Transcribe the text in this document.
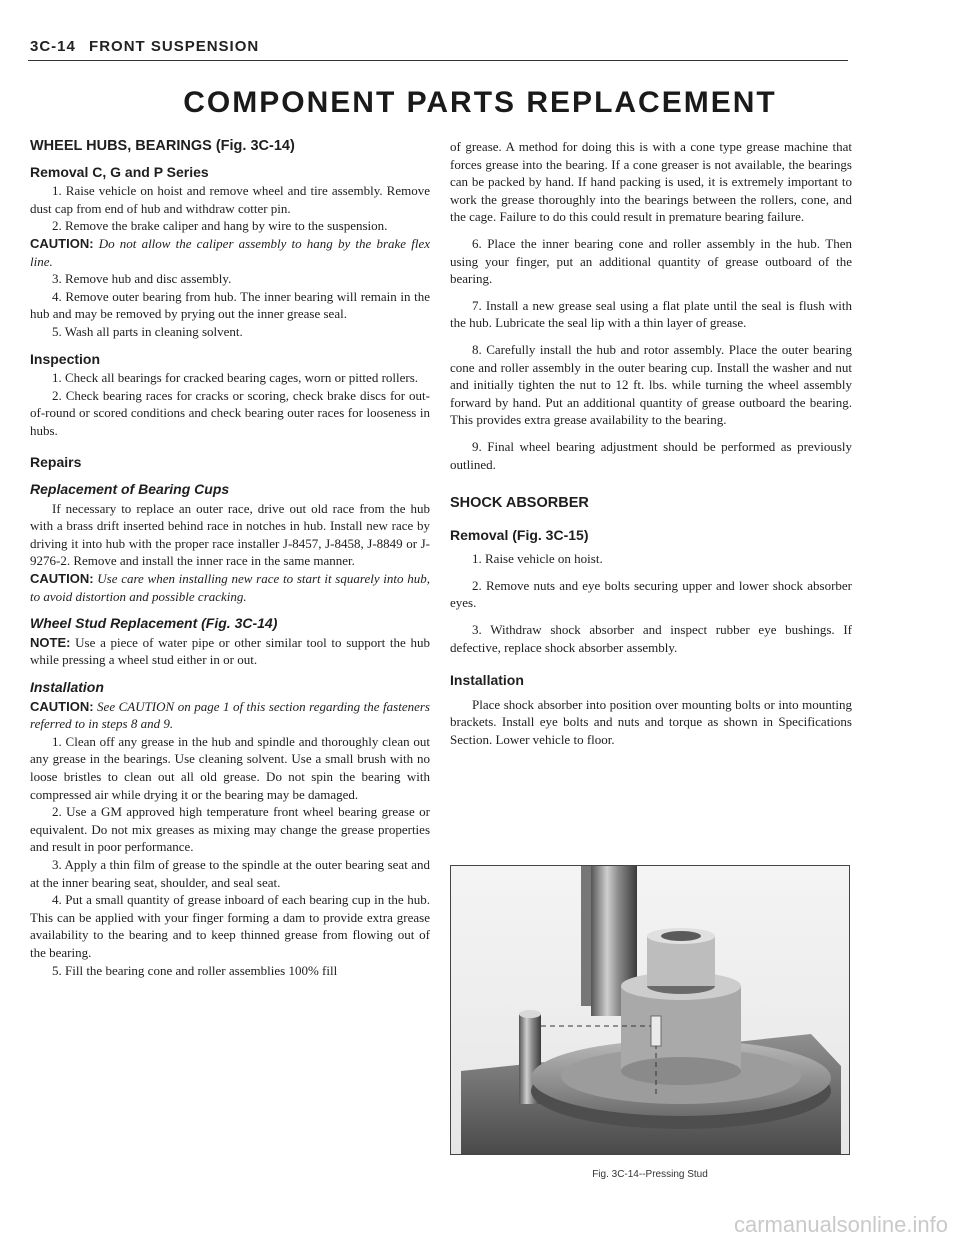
3C-14 FRONT SUSPENSION
COMPONENT PARTS REPLACEMENT
WHEEL HUBS, BEARINGS (Fig. 3C-14)
Removal C, G and P Series

1. Raise vehicle on hoist and remove wheel and tire assembly. Remove dust cap from end of hub and withdraw cotter pin.

2. Remove the brake caliper and hang by wire to the suspension.

CAUTION: Do not allow the caliper assembly to hang by the brake flex line.

3. Remove hub and disc assembly.

4. Remove outer bearing from hub. The inner bearing will remain in the hub and may be removed by prying out the inner grease seal.

5. Wash all parts in cleaning solvent.

Inspection

1. Check all bearings for cracked bearing cages, worn or pitted rollers.

2. Check bearing races for cracks or scoring, check brake discs for out-of-round or scored conditions and check bearing outer races for looseness in hubs.

Repairs
Replacement of Bearing Cups

If necessary to replace an outer race, drive out old race from the hub with a brass drift inserted behind race in notches in hub. Install new race by driving it into hub with the proper race installer J-8457, J-8458, J-8849 or J-9276-2. Remove and install the inner race in the same manner.

CAUTION: Use care when installing new race to start it squarely into hub, to avoid distortion and possible cracking.

Wheel Stud Replacement (Fig. 3C-14)

NOTE: Use a piece of water pipe or other similar tool to support the hub while pressing a wheel stud either in or out.

Installation

CAUTION: See CAUTION on page 1 of this section regarding the fasteners referred to in steps 8 and 9.

1. Clean off any grease in the hub and spindle and thoroughly clean out any grease in the bearings. Use cleaning solvent. Use a small brush with no loose bristles to clean out all old grease. Do not spin the bearing with compressed air while drying it or the bearing may be damaged.

2. Use a GM approved high temperature front wheel bearing grease or equivalent. Do not mix greases as mixing may change the grease properties and result in poor performance.

3. Apply a thin film of grease to the spindle at the outer bearing seat and at the inner bearing seat, shoulder, and seal seat.

4. Put a small quantity of grease inboard of each bearing cup in the hub. This can be applied with your finger forming a dam to provide extra grease availability to the bearing and to keep thinned grease from flowing out of the bearing.

5. Fill the bearing cone and roller assemblies 100% fill

of grease. A method for doing this is with a cone type grease machine that forces grease into the bearing. If a cone greaser is not available, the bearings can be packed by hand. If hand packing is used, it is extremely important to work the grease thoroughly into the bearings between the rollers, cone, and the cage. Failure to do this could result in premature bearing failure.

6. Place the inner bearing cone and roller assembly in the hub. Then using your finger, put an additional quantity of grease outboard of the bearing.

7. Install a new grease seal using a flat plate until the seal is flush with the hub. Lubricate the seal lip with a thin layer of grease.

8. Carefully install the hub and rotor assembly. Place the outer bearing cone and roller assembly in the outer bearing cup. Install the washer and nut and initially tighten the nut to 12 ft. lbs. while turning the wheel assembly forward by hand. Put an additional quantity of grease outboard the bearing. This provides extra grease availability to the bearing.

9. Final wheel bearing adjustment should be performed as previously outlined.

SHOCK ABSORBER
Removal (Fig. 3C-15)

1. Raise vehicle on hoist.

2. Remove nuts and eye bolts securing upper and lower shock absorber eyes.

3. Withdraw shock absorber and inspect rubber eye bushings. If defective, replace shock absorber assembly.

Installation

Place shock absorber into position over mounting bolts or into mounting brackets. Install eye bolts and nuts and torque as shown in Specifications Section. Lower vehicle to floor.

Fig. 3C-14--Pressing Stud
carmanualsonline.info
